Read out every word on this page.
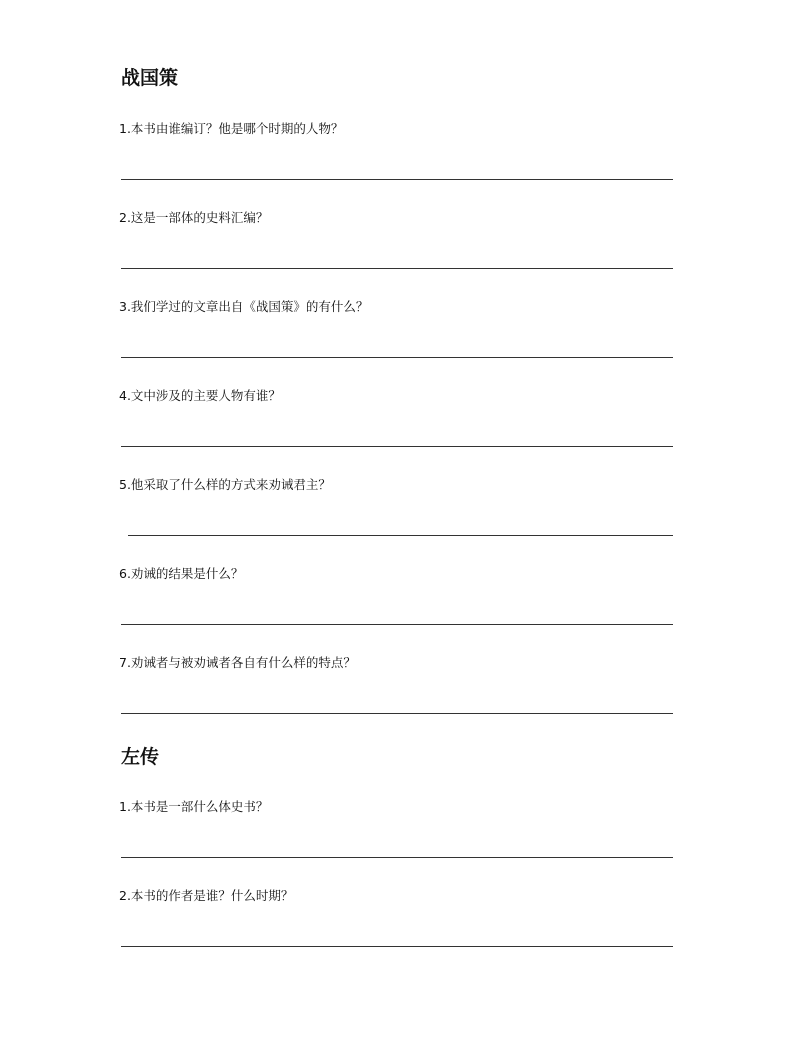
战国策

1.本书由谁编订？他是哪个时期的人物？

2.这是一部体的史料汇编？

3.我们学过的文章出自《战国策》的有什么？

4.文中涉及的主要人物有谁？

5.他采取了什么样的方式来劝诫君主？

6.劝诫的结果是什么？

7.劝诫者与被劝诫者各自有什么样的特点？

左传

1.本书是一部什么体史书？

2.本书的作者是谁？什么时期？
